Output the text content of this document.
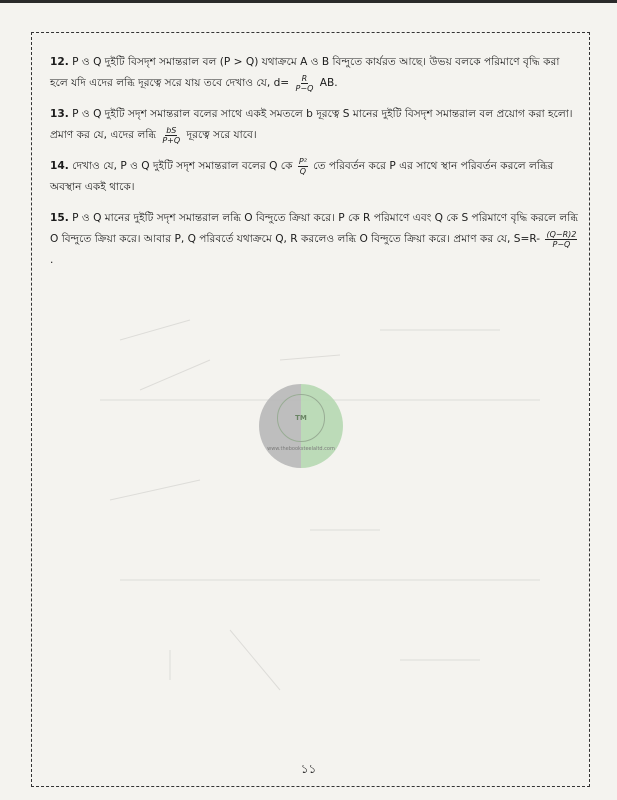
12. P ও Q দুইটি বিসদৃশ সমান্তরাল বল (P > Q) যথাক্রমে A ও B বিন্দুতে কার্যরত আছে। উভয় বলকে পরিমাণে বৃদ্ধি করা হলে যদি এদের লব্ধি দূরত্বে সরে যায় তবে দেখাও যে, $d= \frac{R}{P-Q}$ AB.
13. P ও Q দুইটি সদৃশ সমান্তরাল বলের সাথে একই সমতলে b দূরত্বে S মানের দুইটি বিসদৃশ সমান্তরাল বল প্রয়োগ করা হলো। প্রমাণ কর যে, এদের লব্ধি $\frac{bS}{P+Q}$ দূরত্বে সরে যাবে।
14. দেখাও যে, P ও Q দুইটি সদৃশ সমান্তরাল বলের Q কে $\frac{\text{P²}}{Q}$ তে পরিবর্তন করে P এর সাথে স্থান পরিবর্তন করলে লব্ধির অবস্থান একই থাকে।
15. P ও Q মানের দুইটি সদৃশ সমান্তরাল লব্ধি O বিন্দুতে ক্রিয়া করে। P কে R পরিমাণে এবং Q কে S পরিমাণে বৃদ্ধি করলে লব্ধি O বিন্দুতে ক্রিয়া করে। আবার P, Q পরিবর্তে যথাক্রমে Q, R করলেও লব্ধি O বিন্দুতে ক্রিয়া করে। প্রমাণ কর যে, $S=R- \frac{(Q-R)2}{P-Q}$
.
TM
www.thebooksteelaltd.com
১১
